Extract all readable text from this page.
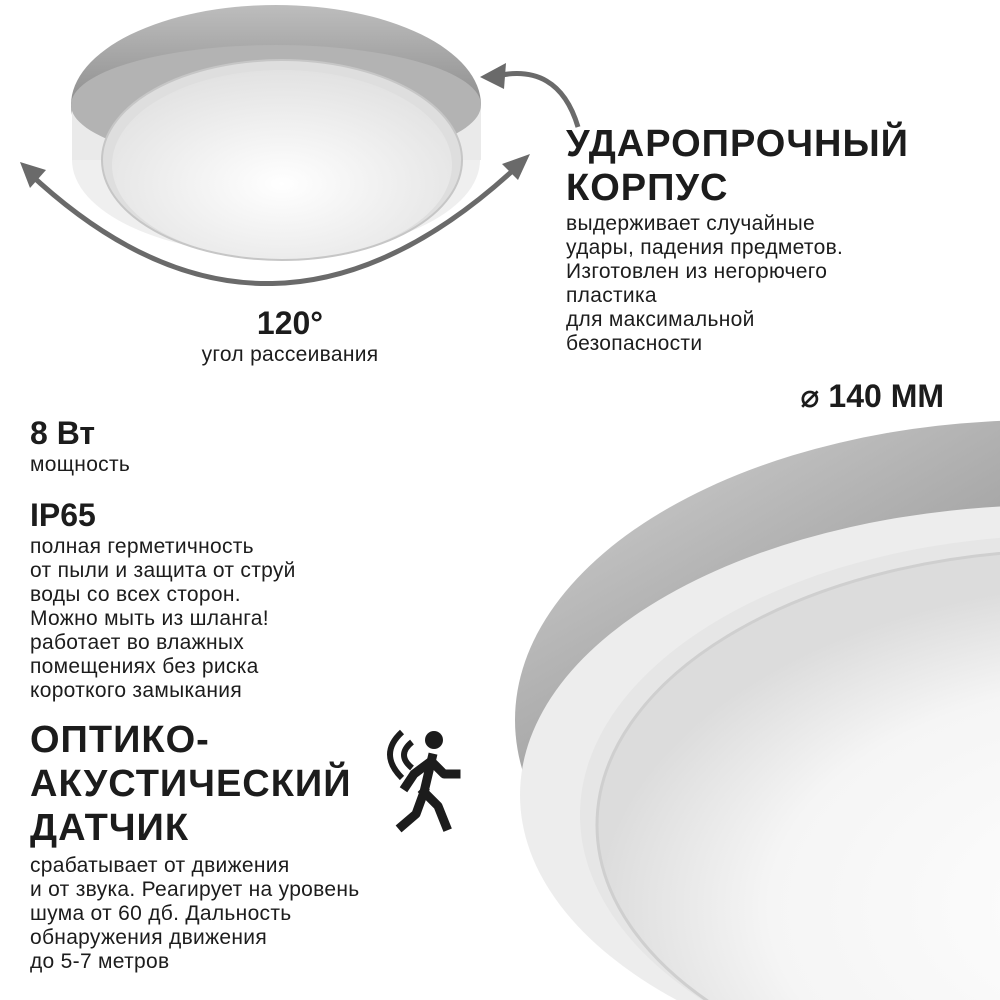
120°
угол рассеивания
УДАРОПРОЧНЫЙ
КОРПУС
выдерживает случайные
удары, падения предметов.
Изготовлен из негорючего
пластика
для максимальной
безопасности
⌀ 140 ММ
8 Вт
мощность
IP65
полная герметичность
от пыли и защита от струй
воды со всех сторон.
Можно мыть из шланга!
работает во влажных
помещениях без риска
короткого замыкания
ОПТИКО-
АКУСТИЧЕСКИЙ
ДАТЧИК
срабатывает от движения
и от звука. Реагирует на уровень
шума от 60 дб. Дальность
обнаружения движения
до 5-7 метров
